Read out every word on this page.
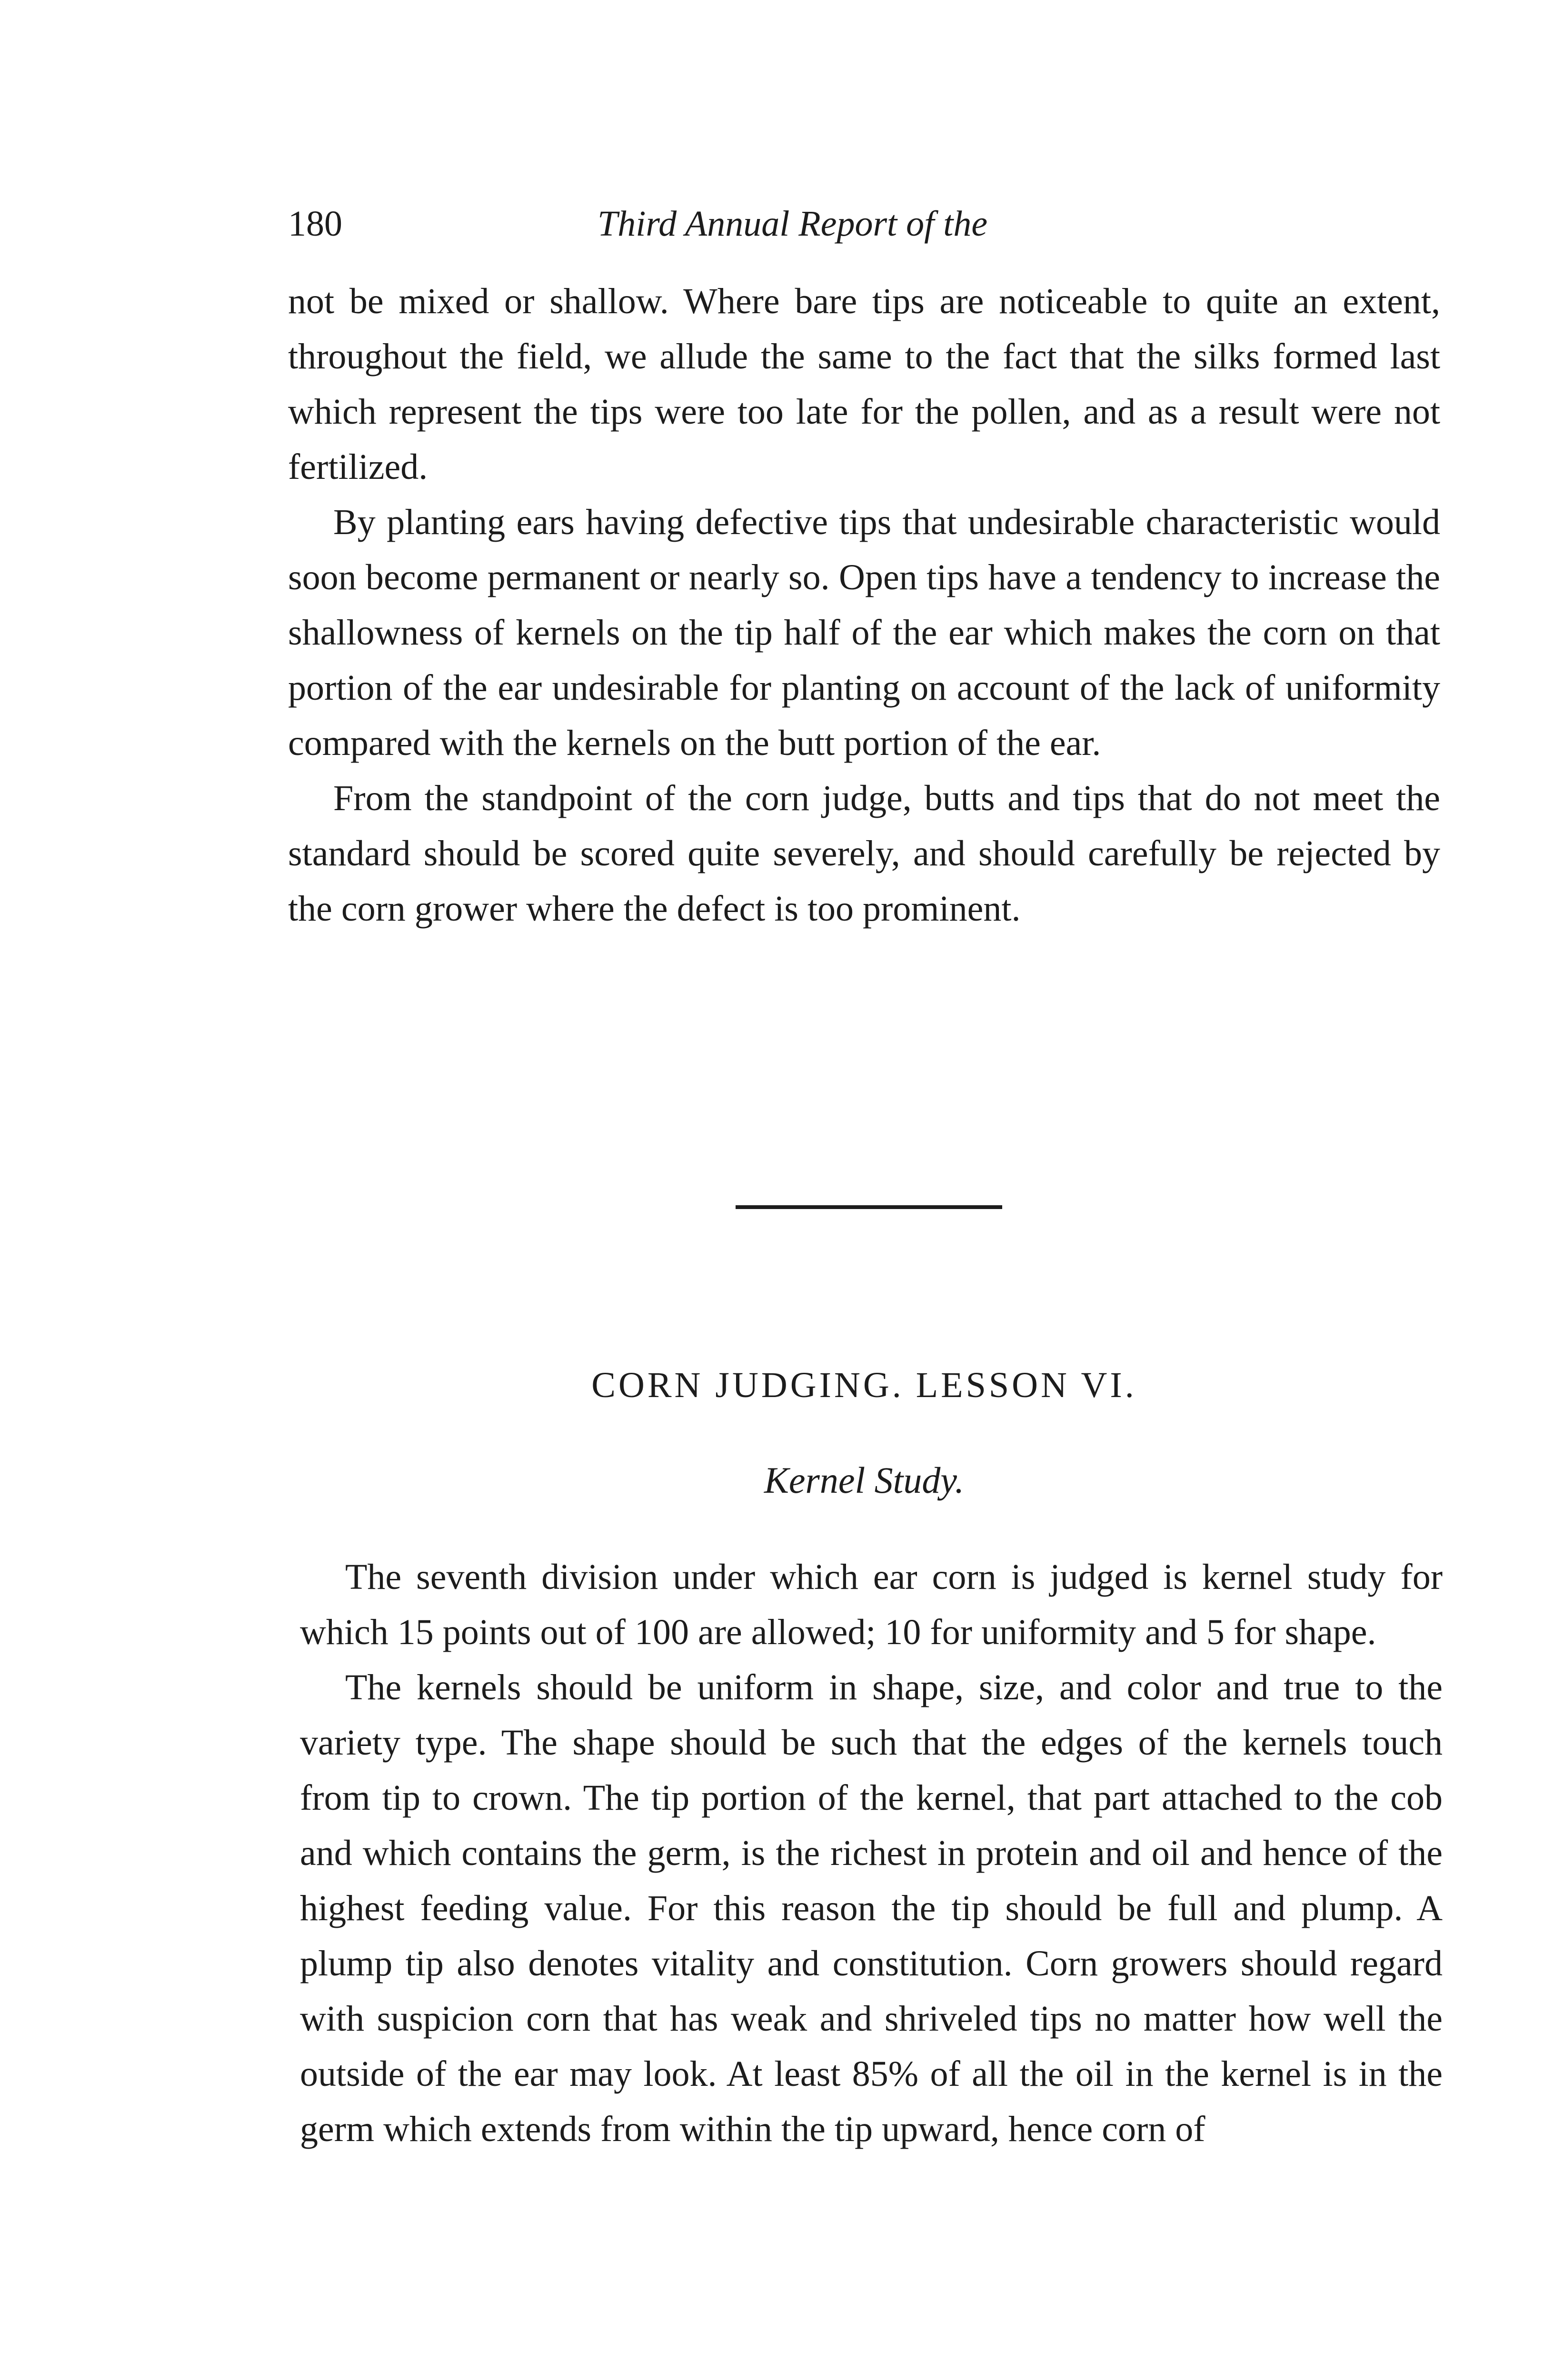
180	Third Annual Report of the

not be mixed or shallow. Where bare tips are noticeable to quite an extent, throughout the field, we allude the same to the fact that the silks formed last which represent the tips were too late for the pollen, and as a result were not fertilized.

By planting ears having defective tips that undesirable characteristic would soon become permanent or nearly so. Open tips have a tendency to increase the shallowness of kernels on the tip half of the ear which makes the corn on that portion of the ear undesirable for planting on account of the lack of uniformity compared with the kernels on the butt portion of the ear.

From the standpoint of the corn judge, butts and tips that do not meet the standard should be scored quite severely, and should carefully be rejected by the corn grower where the defect is too prominent.

CORN JUDGING. LESSON VI.
Kernel Study.

The seventh division under which ear corn is judged is kernel study for which 15 points out of 100 are allowed; 10 for uniformity and 5 for shape.

The kernels should be uniform in shape, size, and color and true to the variety type. The shape should be such that the edges of the kernels touch from tip to crown. The tip portion of the kernel, that part attached to the cob and which contains the germ, is the richest in protein and oil and hence of the highest feeding value. For this reason the tip should be full and plump. A plump tip also denotes vitality and constitution. Corn growers should regard with suspicion corn that has weak and shriveled tips no matter how well the outside of the ear may look. At least 85% of all the oil in the kernel is in the germ which extends from within the tip upward, hence corn of
